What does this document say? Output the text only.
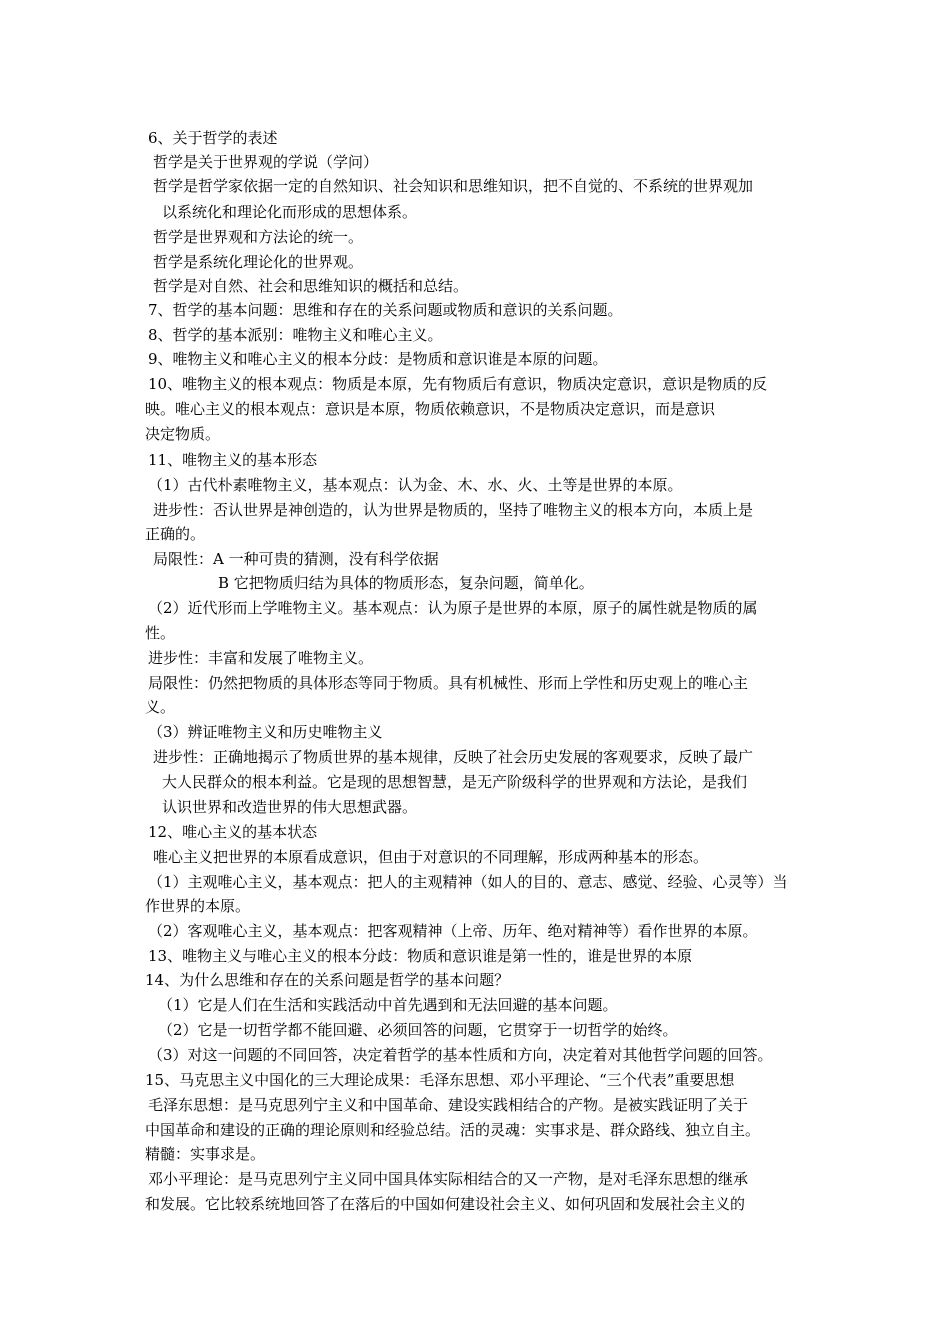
6、关于哲学的表述
哲学是关于世界观的学说（学问）
哲学是哲学家依据一定的自然知识、社会知识和思维知识，把不自觉的、不系统的世界观加
以系统化和理论化而形成的思想体系。
哲学是世界观和方法论的统一。
哲学是系统化理论化的世界观。
哲学是对自然、社会和思维知识的概括和总结。
7、哲学的基本问题：思维和存在的关系问题或物质和意识的关系问题。
8、哲学的基本派别：唯物主义和唯心主义。
9、唯物主义和唯心主义的根本分歧：是物质和意识谁是本原的问题。
10、唯物主义的根本观点：物质是本原，先有物质后有意识，物质决定意识，意识是物质的反
映。唯心主义的根本观点：意识是本原，物质依赖意识，不是物质决定意识，而是意识
决定物质。
11、唯物主义的基本形态
（1）古代朴素唯物主义，基本观点：认为金、木、水、火、土等是世界的本原。
进步性：否认世界是神创造的，认为世界是物质的，坚持了唯物主义的根本方向，本质上是
正确的。
局限性：A 一种可贵的猜测，没有科学依据
B 它把物质归结为具体的物质形态，复杂问题，简单化。
（2）近代形而上学唯物主义。基本观点：认为原子是世界的本原，原子的属性就是物质的属
性。
进步性：丰富和发展了唯物主义。
局限性：仍然把物质的具体形态等同于物质。具有机械性、形而上学性和历史观上的唯心主
义。
（3）辨证唯物主义和历史唯物主义
进步性：正确地揭示了物质世界的基本规律，反映了社会历史发展的客观要求，反映了最广
大人民群众的根本利益。它是现的思想智慧，是无产阶级科学的世界观和方法论，是我们
认识世界和改造世界的伟大思想武器。
12、唯心主义的基本状态
唯心主义把世界的本原看成意识，但由于对意识的不同理解，形成两种基本的形态。
（1）主观唯心主义，基本观点：把人的主观精神（如人的目的、意志、感觉、经验、心灵等）当
作世界的本原。
（2）客观唯心主义，基本观点：把客观精神（上帝、历年、绝对精神等）看作世界的本原。
13、唯物主义与唯心主义的根本分歧：物质和意识谁是第一性的，谁是世界的本原
14、为什么思维和存在的关系问题是哲学的基本问题？
（1）它是人们在生活和实践活动中首先遇到和无法回避的基本问题。
（2）它是一切哲学都不能回避、必须回答的问题，它贯穿于一切哲学的始终。
（3）对这一问题的不同回答，决定着哲学的基本性质和方向，决定着对其他哲学问题的回答。
15、马克思主义中国化的三大理论成果：毛泽东思想、邓小平理论、“三个代表”重要思想
毛泽东思想：是马克思列宁主义和中国革命、建设实践相结合的产物。是被实践证明了关于
中国革命和建设的正确的理论原则和经验总结。活的灵魂：实事求是、群众路线、独立自主。
精髓：实事求是。
邓小平理论：是马克思列宁主义同中国具体实际相结合的又一产物，是对毛泽东思想的继承
和发展。它比较系统地回答了在落后的中国如何建设社会主义、如何巩固和发展社会主义的
